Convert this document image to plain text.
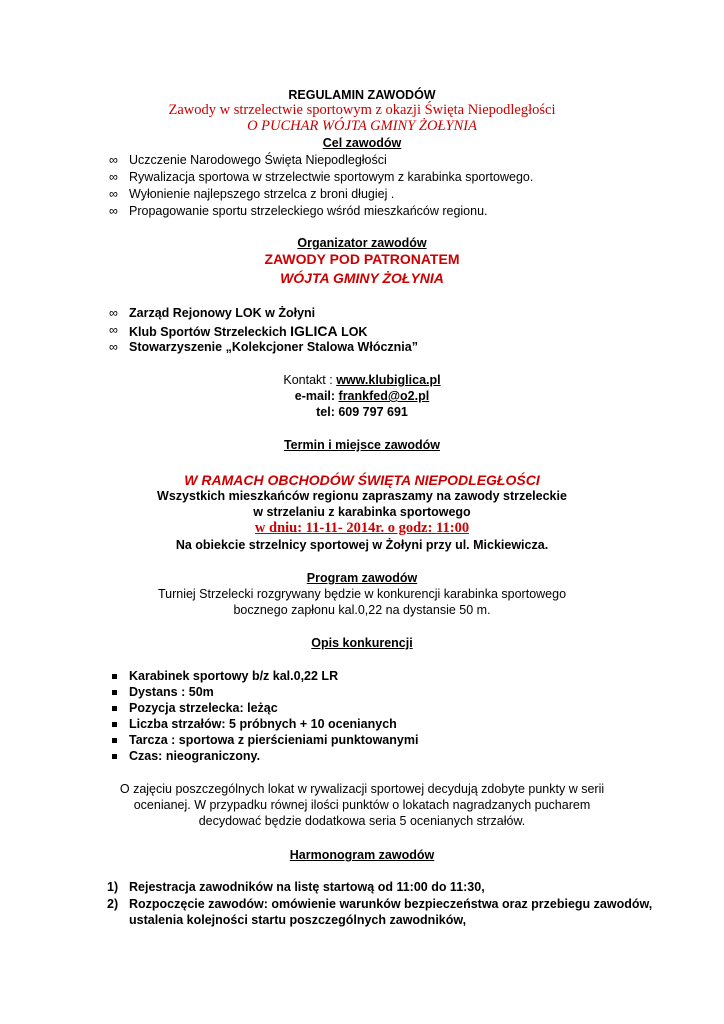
REGULAMIN ZAWODÓW
Zawody w strzelectwie sportowym z okazji Święta Niepodległości
O PUCHAR WÓJTA GMINY ŻOŁYNIA
Cel zawodów
∞ Uczczenie Narodowego Święta Niepodległości
∞ Rywalizacja sportowa w strzelectwie sportowym z karabinka sportowego.
∞ Wyłonienie najlepszego strzelca z broni długiej .
∞ Propagowanie sportu strzeleckiego wśród mieszkańców regionu.
Organizator zawodów
ZAWODY POD PATRONATEM
WÓJTA GMINY ŻOŁYNIA
∞ Zarząd Rejonowy LOK w Żołyni
∞ Klub Sportów Strzeleckich IGLICA LOK
∞ Stowarzyszenie „Kolekcjoner Stalowa Włócznia”
Kontakt : www.klubiglica.pl
e-mail: frankfed@o2.pl
tel: 609 797 691
Termin i miejsce zawodów
W RAMACH OBCHODÓW ŚWIĘTA NIEPODLEGŁOŚCI
Wszystkich mieszkańców regionu zapraszamy na zawody strzeleckie
w strzelaniu z karabinka sportowego
w dniu: 11-11- 2014r. o godz: 11:00
Na obiekcie strzelnicy sportowej w Żołyni przy ul. Mickiewicza.
Program zawodów
Turniej Strzelecki rozgrywany będzie w konkurencji karabinka sportowego
bocznego zapłonu kal.0,22 na dystansie 50 m.
Opis konkurencji
Karabinek sportowy b/z kal.0,22 LR
Dystans : 50m
Pozycja strzelecka: leżąc
Liczba strzałów: 5 próbnych + 10 ocenianych
Tarcza : sportowa z pierścieniami punktowanymi
Czas: nieograniczony.
O zajęciu poszczególnych lokat w rywalizacji sportowej decydują zdobyte punkty w serii
ocenianej. W przypadku równej ilości punktów o lokatach nagradzanych pucharem
decydować będzie dodatkowa seria 5 ocenianych strzałów.
Harmonogram zawodów
1) Rejestracja zawodników na listę startową od 11:00 do 11:30,
2) Rozpoczęcie zawodów: omówienie warunków bezpieczeństwa oraz przebiegu zawodów,
ustalenia kolejności startu poszczególnych zawodników,
